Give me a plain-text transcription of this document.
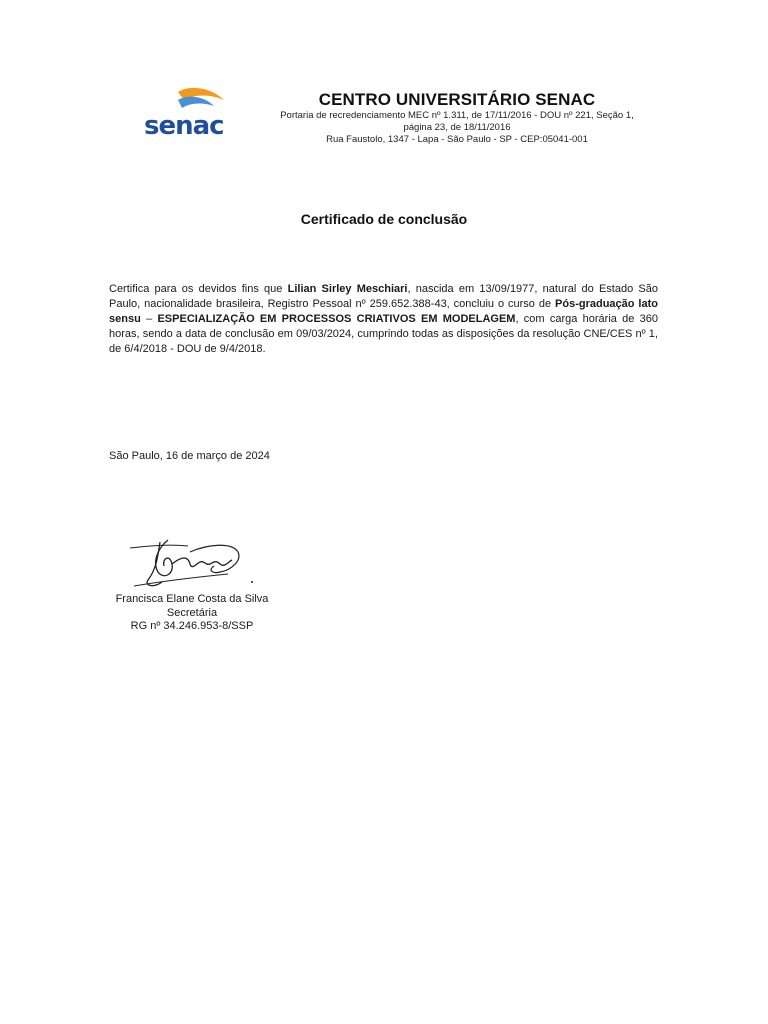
senac

CENTRO UNIVERSITÁRIO SENAC

Portaria de recredenciamento MEC nº 1.311, de 17/11/2016 - DOU nº 221, Seção 1,

página 23, de 18/11/2016

Rua Faustolo, 1347 - Lapa - São Paulo - SP - CEP:05041-001

Certificado de conclusão
Certifica para os devidos fins que Lilian Sirley Meschiari, nascida em 13/09/1977, natural do Estado São Paulo, nacionalidade brasileira, Registro Pessoal nº 259.652.388-43, concluiu o curso de Pós-graduação lato sensu – ESPECIALIZAÇÃO EM PROCESSOS CRIATIVOS EM MODELAGEM, com carga horária de 360 horas, sendo a data de conclusão em 09/03/2024, cumprindo todas as disposições da resolução CNE/CES nº 1, de 6/4/2018 - DOU de 9/4/2018.
São Paulo, 16 de março de 2024
Francisca Elane Costa da Silva
Secretária
RG nº 34.246.953-8/SSP
